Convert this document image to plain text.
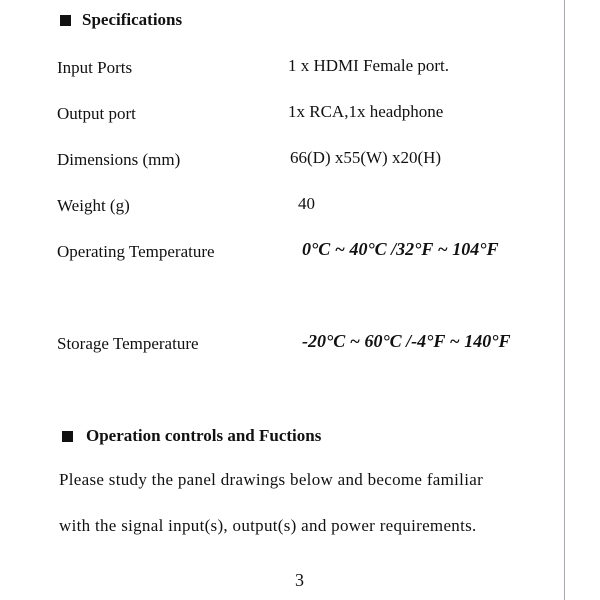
Specifications
Input Ports	1 x HDMI Female port.
Output port	1x RCA,1x headphone
Dimensions (mm)	66(D) x55(W) x20(H)
Weight (g)	40
Operating Temperature	0°C ~ 40°C /32°F ~ 104°F
Storage Temperature	-20°C ~ 60°C /-4°F ~ 140°F
Operation controls and Fuctions
Please study the panel drawings below and become familiar
with the signal input(s), output(s) and power requirements.
3
